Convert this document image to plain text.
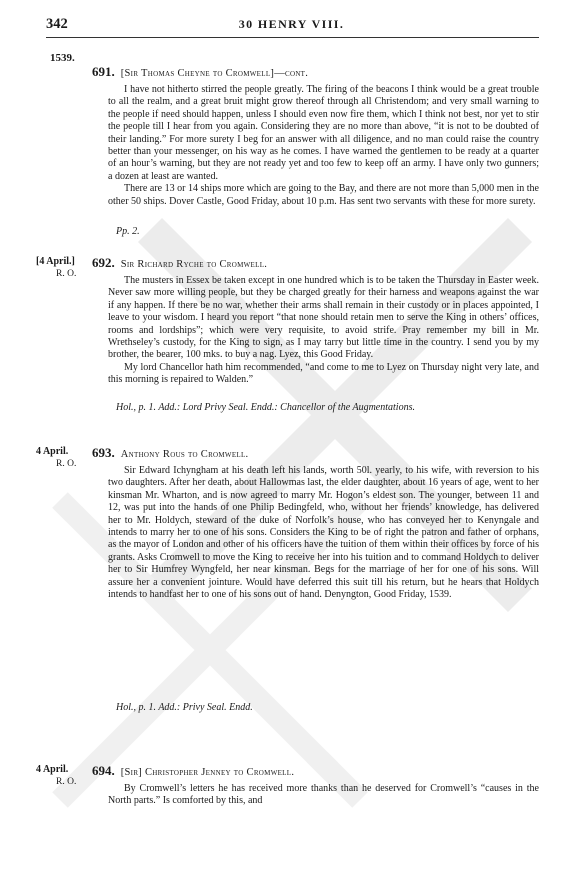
342	30 HENRY VIII.
1539.
691. [Sir Thomas Cheyne to Cromwell]—cont.

I have not hitherto stirred the people greatly. The firing of the beacons I think would be a great trouble to all the realm, and a great bruit might grow thereof through all Christendom; and very small warning to the people if need should happen, unless I should even now fire them, which I think not best, nor yet to stir the people till I hear from you again. Considering they are no more than above, “it is not to be doubted of their landing.” For more surety I beg for an answer with all diligence, and no man could raise the country better than your messenger, on his way as he comes. I have warned the gentlemen to be ready at a quarter of an hour’s warning, but they are not ready yet and too few to keep off an army. I have only two gunners; a dozen at least are wanted.

There are 13 or 14 ships more which are going to the Bay, and there are not more than 5,000 men in the other 50 ships. Dover Castle, Good Friday, about 10 p.m. Has sent two servants with these for more surety.

Pp. 2.
[4 April.]
R. O.
692. Sir Richard Ryche to Cromwell.

The musters in Essex be taken except in one hundred which is to be taken the Thursday in Easter week. Never saw more willing people, but they be charged greatly for their harness and weapons against the war if any happen. If there be no war, whether their arms shall remain in their custody or in places appointed, I leave to your wisdom. I heard you report “that none should retain men to serve the King in others’ offices, rooms and lordships”; which were very requisite, to avoid strife. Pray remember my bill in Mr. Wrethseley’s custody, for the King to sign, as I may tarry but little time in the country. I send you by my brother, the bearer, 100 mks. to buy a nag. Lyez, this Good Friday.

My lord Chancellor hath him recommended, “and come to me to Lyez on Thursday night very late, and this morning is repaired to Walden.”

Hol., p. 1. Add.: Lord Privy Seal. Endd.: Chancellor of the Augmentations.
4 April.
R. O.
693. Anthony Rous to Cromwell.

Sir Edward Ichyngham at his death left his lands, worth 50l. yearly, to his wife, with reversion to his two daughters. After her death, about Hallowmas last, the elder daughter, about 16 years of age, went to her kinsman Mr. Wharton, and is now agreed to marry Mr. Hogon’s eldest son. The younger, between 11 and 12, was put into the hands of one Philip Bedingfeld, who, without her friends’ knowledge, has delivered her to Mr. Holdych, steward of the duke of Norfolk’s house, who has conveyed her to Kenyngale and intends to marry her to one of his sons. Considers the King to be of right the patron and father of orphans, as the mayor of London and other of his officers have the tuition of them within their offices by force of his grants. Asks Cromwell to move the King to receive her into his tuition and to command Holdych to deliver her to Sir Humfrey Wyngfeld, her near kinsman. Begs for the marriage of her for one of his sons. Will assure her a convenient jointure. Would have deferred this suit till his return, but he hears that Holdych intends to handfast her to one of his sons out of hand. Denyngton, Good Friday, 1539.

Hol., p. 1. Add.: Privy Seal. Endd.
4 April.
R. O.
694. [Sir] Christopher Jenney to Cromwell.

By Cromwell’s letters he has received more thanks than he deserved for Cromwell’s “causes in the North parts.” Is comforted by this, and
